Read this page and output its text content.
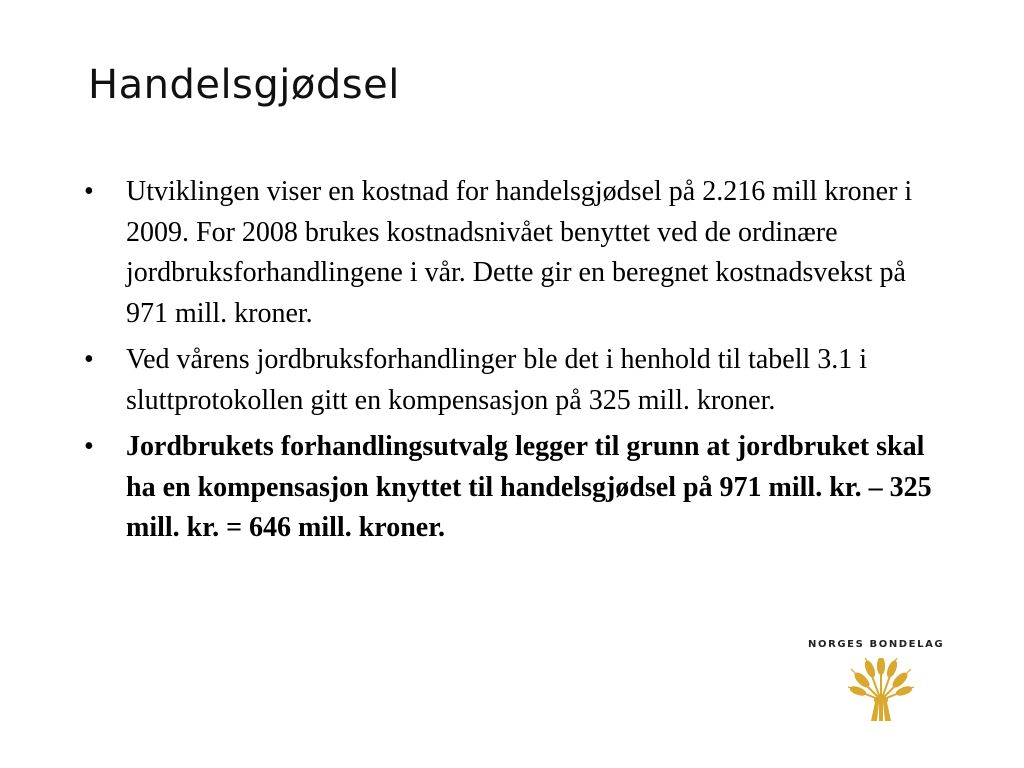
Handelsgjødsel
•	Utviklingen viser en kostnad for handelsgjødsel på 2.216 mill kroner i 2009. For 2008 brukes kostnadsnivået benyttet ved de ordinære jordbruksforhandlingene i vår. Dette gir en beregnet kostnadsvekst på 971 mill. kroner.
•	Ved vårens jordbruksforhandlinger ble det i henhold til tabell 3.1 i sluttprotokollen gitt en kompensasjon på 325 mill. kroner.
•	Jordbrukets forhandlingsutvalg legger til grunn at jordbruket skal ha en kompensasjon knyttet til handelsgjødsel på 971 mill. kr. – 325 mill. kr. = 646 mill. kroner.
NORGES BONDELAG
